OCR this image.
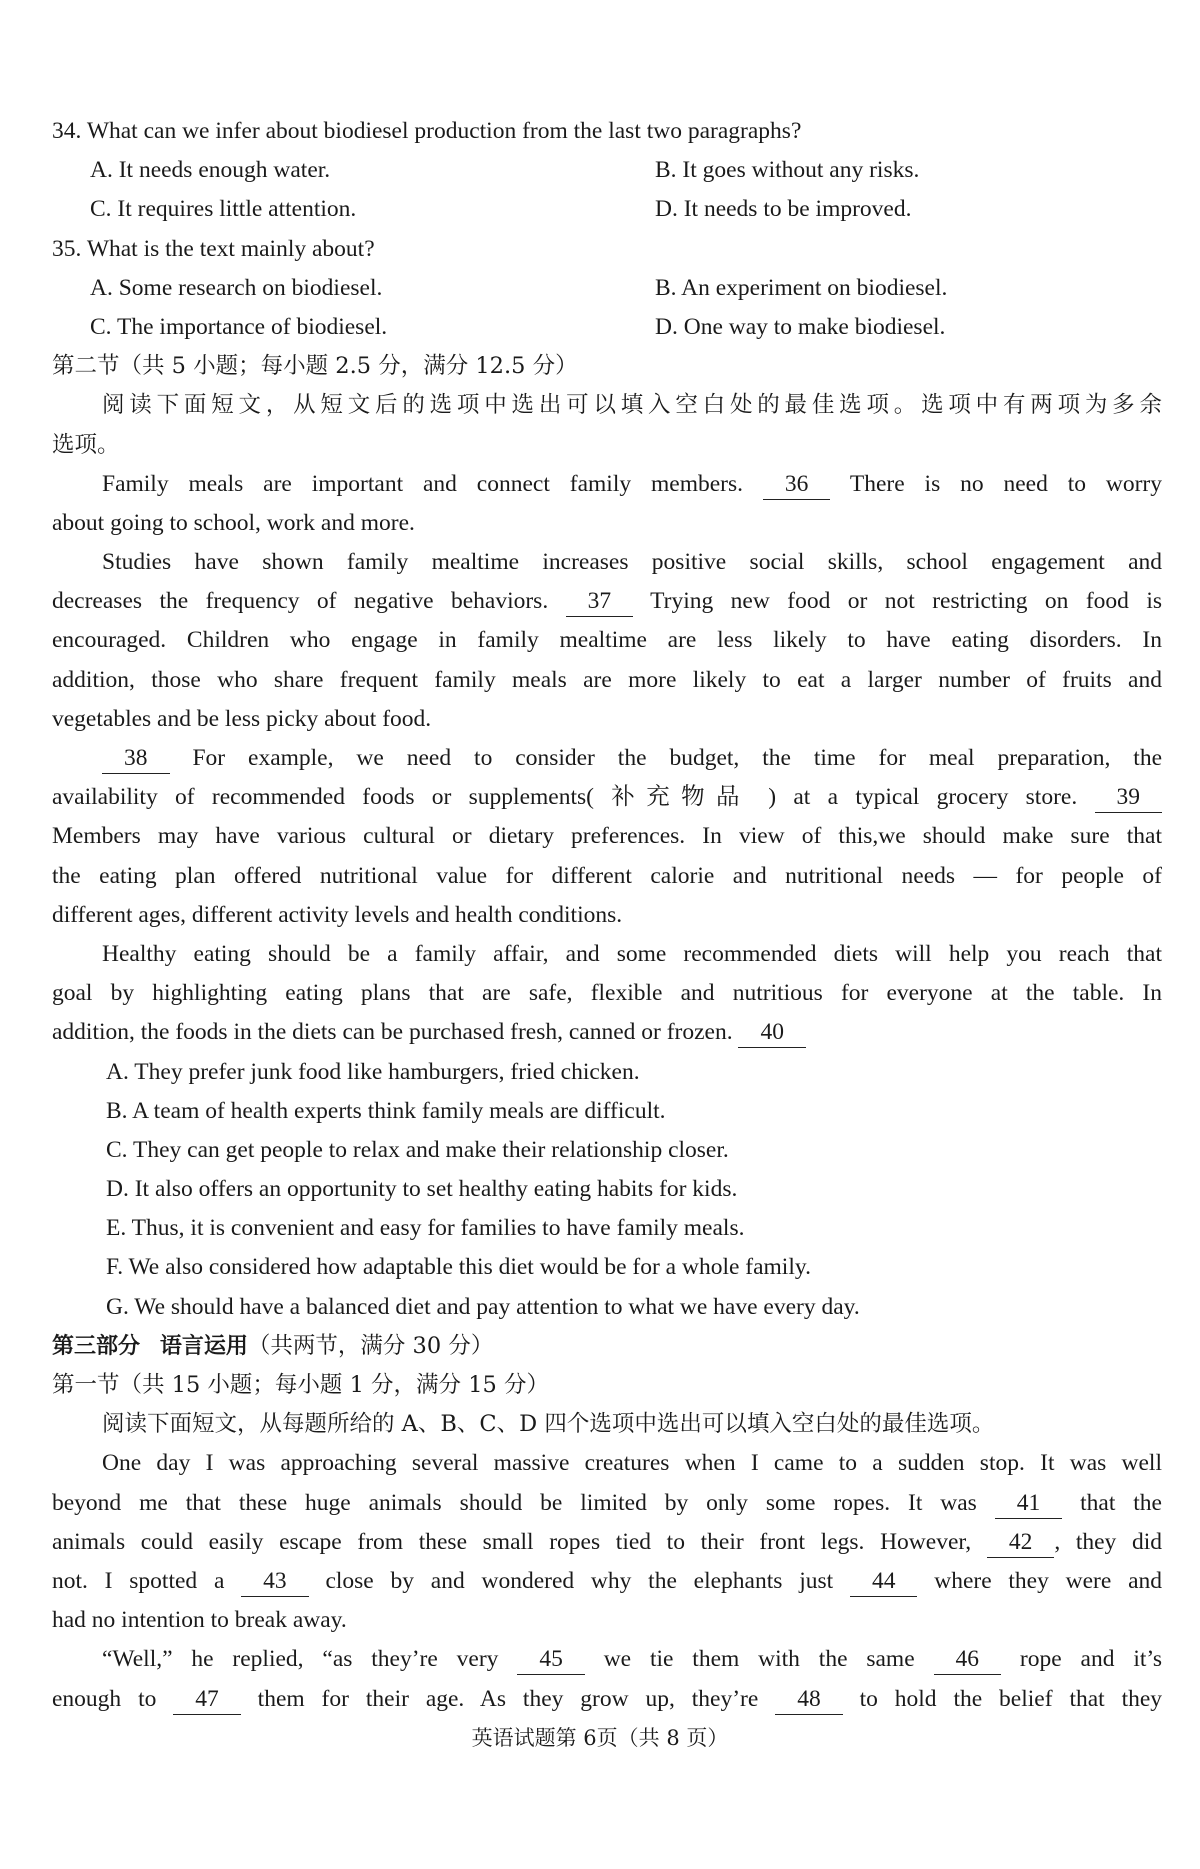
34. What can we infer about biodiesel production from the last two paragraphs?
A. It needs enough water.	B. It goes without any risks.
C. It requires little attention.	D. It needs to be improved.
35. What is the text mainly about?
A. Some research on biodiesel.	B. An experiment on biodiesel.
C. The importance of biodiesel.	D. One way to make biodiesel.
第二节（共 5 小题；每小题 2.5 分，满分 12.5 分）
阅读下面短文，从短文后的选项中选出可以填入空白处的最佳选项。选项中有两项为多余
选项。
Family meals are important and connect family members. 36 There is no need to worry
about going to school, work and more.
Studies have shown family mealtime increases positive social skills, school engagement and
decreases the frequency of negative behaviors. 37 Trying new food or not restricting on food is
encouraged. Children who engage in family mealtime are less likely to have eating disorders. In
addition, those who share frequent family meals are more likely to eat a larger number of fruits and
vegetables and be less picky about food.
38 For example, we need to consider the budget, the time for meal preparation, the
availability of recommended foods or supplements( 补充物品 ) at a typical grocery store. 39
Members may have various cultural or dietary preferences. In view of this,we should make sure that
the eating plan offered nutritional value for different calorie and nutritional needs — for people of
different ages, different activity levels and health conditions.
Healthy eating should be a family affair, and some recommended diets will help you reach that
goal by highlighting eating plans that are safe, flexible and nutritious for everyone at the table. In
addition, the foods in the diets can be purchased fresh, canned or frozen. 40
A. They prefer junk food like hamburgers, fried chicken.
B. A team of health experts think family meals are difficult.
C. They can get people to relax and make their relationship closer.
D. It also offers an opportunity to set healthy eating habits for kids.
E. Thus, it is convenient and easy for families to have family meals.
F. We also considered how adaptable this diet would be for a whole family.
G. We should have a balanced diet and pay attention to what we have every day.
第三部分 语言运用（共两节，满分 30 分）
第一节（共 15 小题；每小题 1 分，满分 15 分）
阅读下面短文，从每题所给的 A、B、C、D 四个选项中选出可以填入空白处的最佳选项。
One day I was approaching several massive creatures when I came to a sudden stop. It was well
beyond me that these huge animals should be limited by only some ropes. It was 41 that the
animals could easily escape from these small ropes tied to their front legs. However, 42 , they did
not. I spotted a 43 close by and wondered why the elephants just 44 where they were and
had no intention to break away.
“Well,” he replied, “as they’re very 45 we tie them with the same 46 rope and it’s
enough to 47 them for their age. As they grow up, they’re 48 to hold the belief that they
英语试题第 6页（共 8 页）
